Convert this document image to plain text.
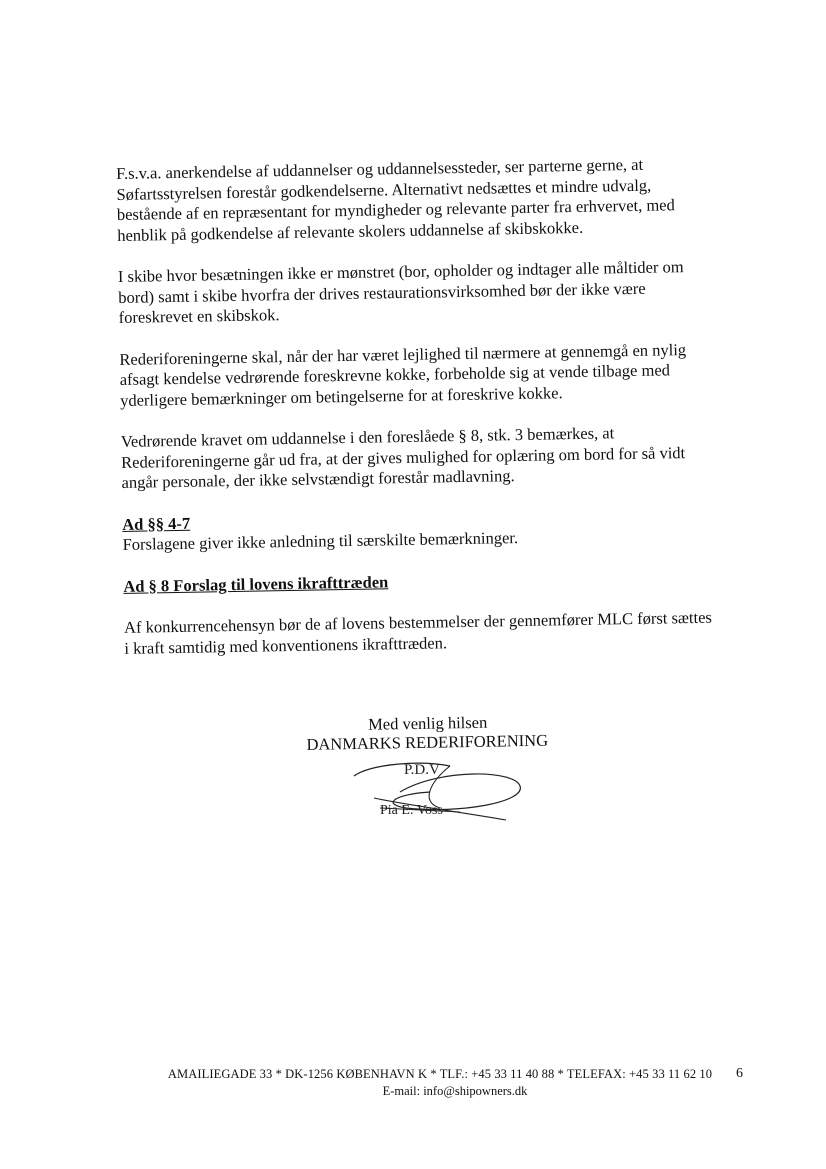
F.s.v.a. anerkendelse af uddannelser og uddannelsessteder, ser parterne gerne, at
Søfartsstyrelsen forestår godkendelserne. Alternativt nedsættes et mindre udvalg,
bestående af en repræsentant for myndigheder og relevante parter fra erhvervet, med
henblik på godkendelse af relevante skolers uddannelse af skibskokke.

I skibe hvor besætningen ikke er mønstret (bor, opholder og indtager alle måltider om
bord) samt i skibe hvorfra der drives restaurationsvirksomhed bør der ikke være
foreskrevet en skibskok.

Rederiforeningerne skal, når der har været lejlighed til nærmere at gennemgå en nylig
afsagt kendelse vedrørende foreskrevne kokke, forbeholde sig at vende tilbage med
yderligere bemærkninger om betingelserne for at foreskrive kokke.

Vedrørende kravet om uddannelse i den foreslåede § 8, stk. 3 bemærkes, at
Rederiforeningerne går ud fra, at der gives mulighed for oplæring om bord for så vidt
angår personale, der ikke selvstændigt forestår madlavning.

Ad §§ 4-7
Forslagene giver ikke anledning til særskilte bemærkninger.
Ad § 8 Forslag til lovens ikrafttræden

Af konkurrencehensyn bør de af lovens bestemmelser der gennemfører MLC først sættes
i kraft samtidig med konventionens ikrafttræden.

Med venlig hilsen
DANMARKS REDERIFORENING
P.D.V
Pia E. Voss
AMAILIEGADE 33 * DK-1256 KØBENHAVN K * TLF.: +45 33 11 40 88 * TELEFAX: +45 33 11 62 10
E-mail: info@shipowners.dk
6
